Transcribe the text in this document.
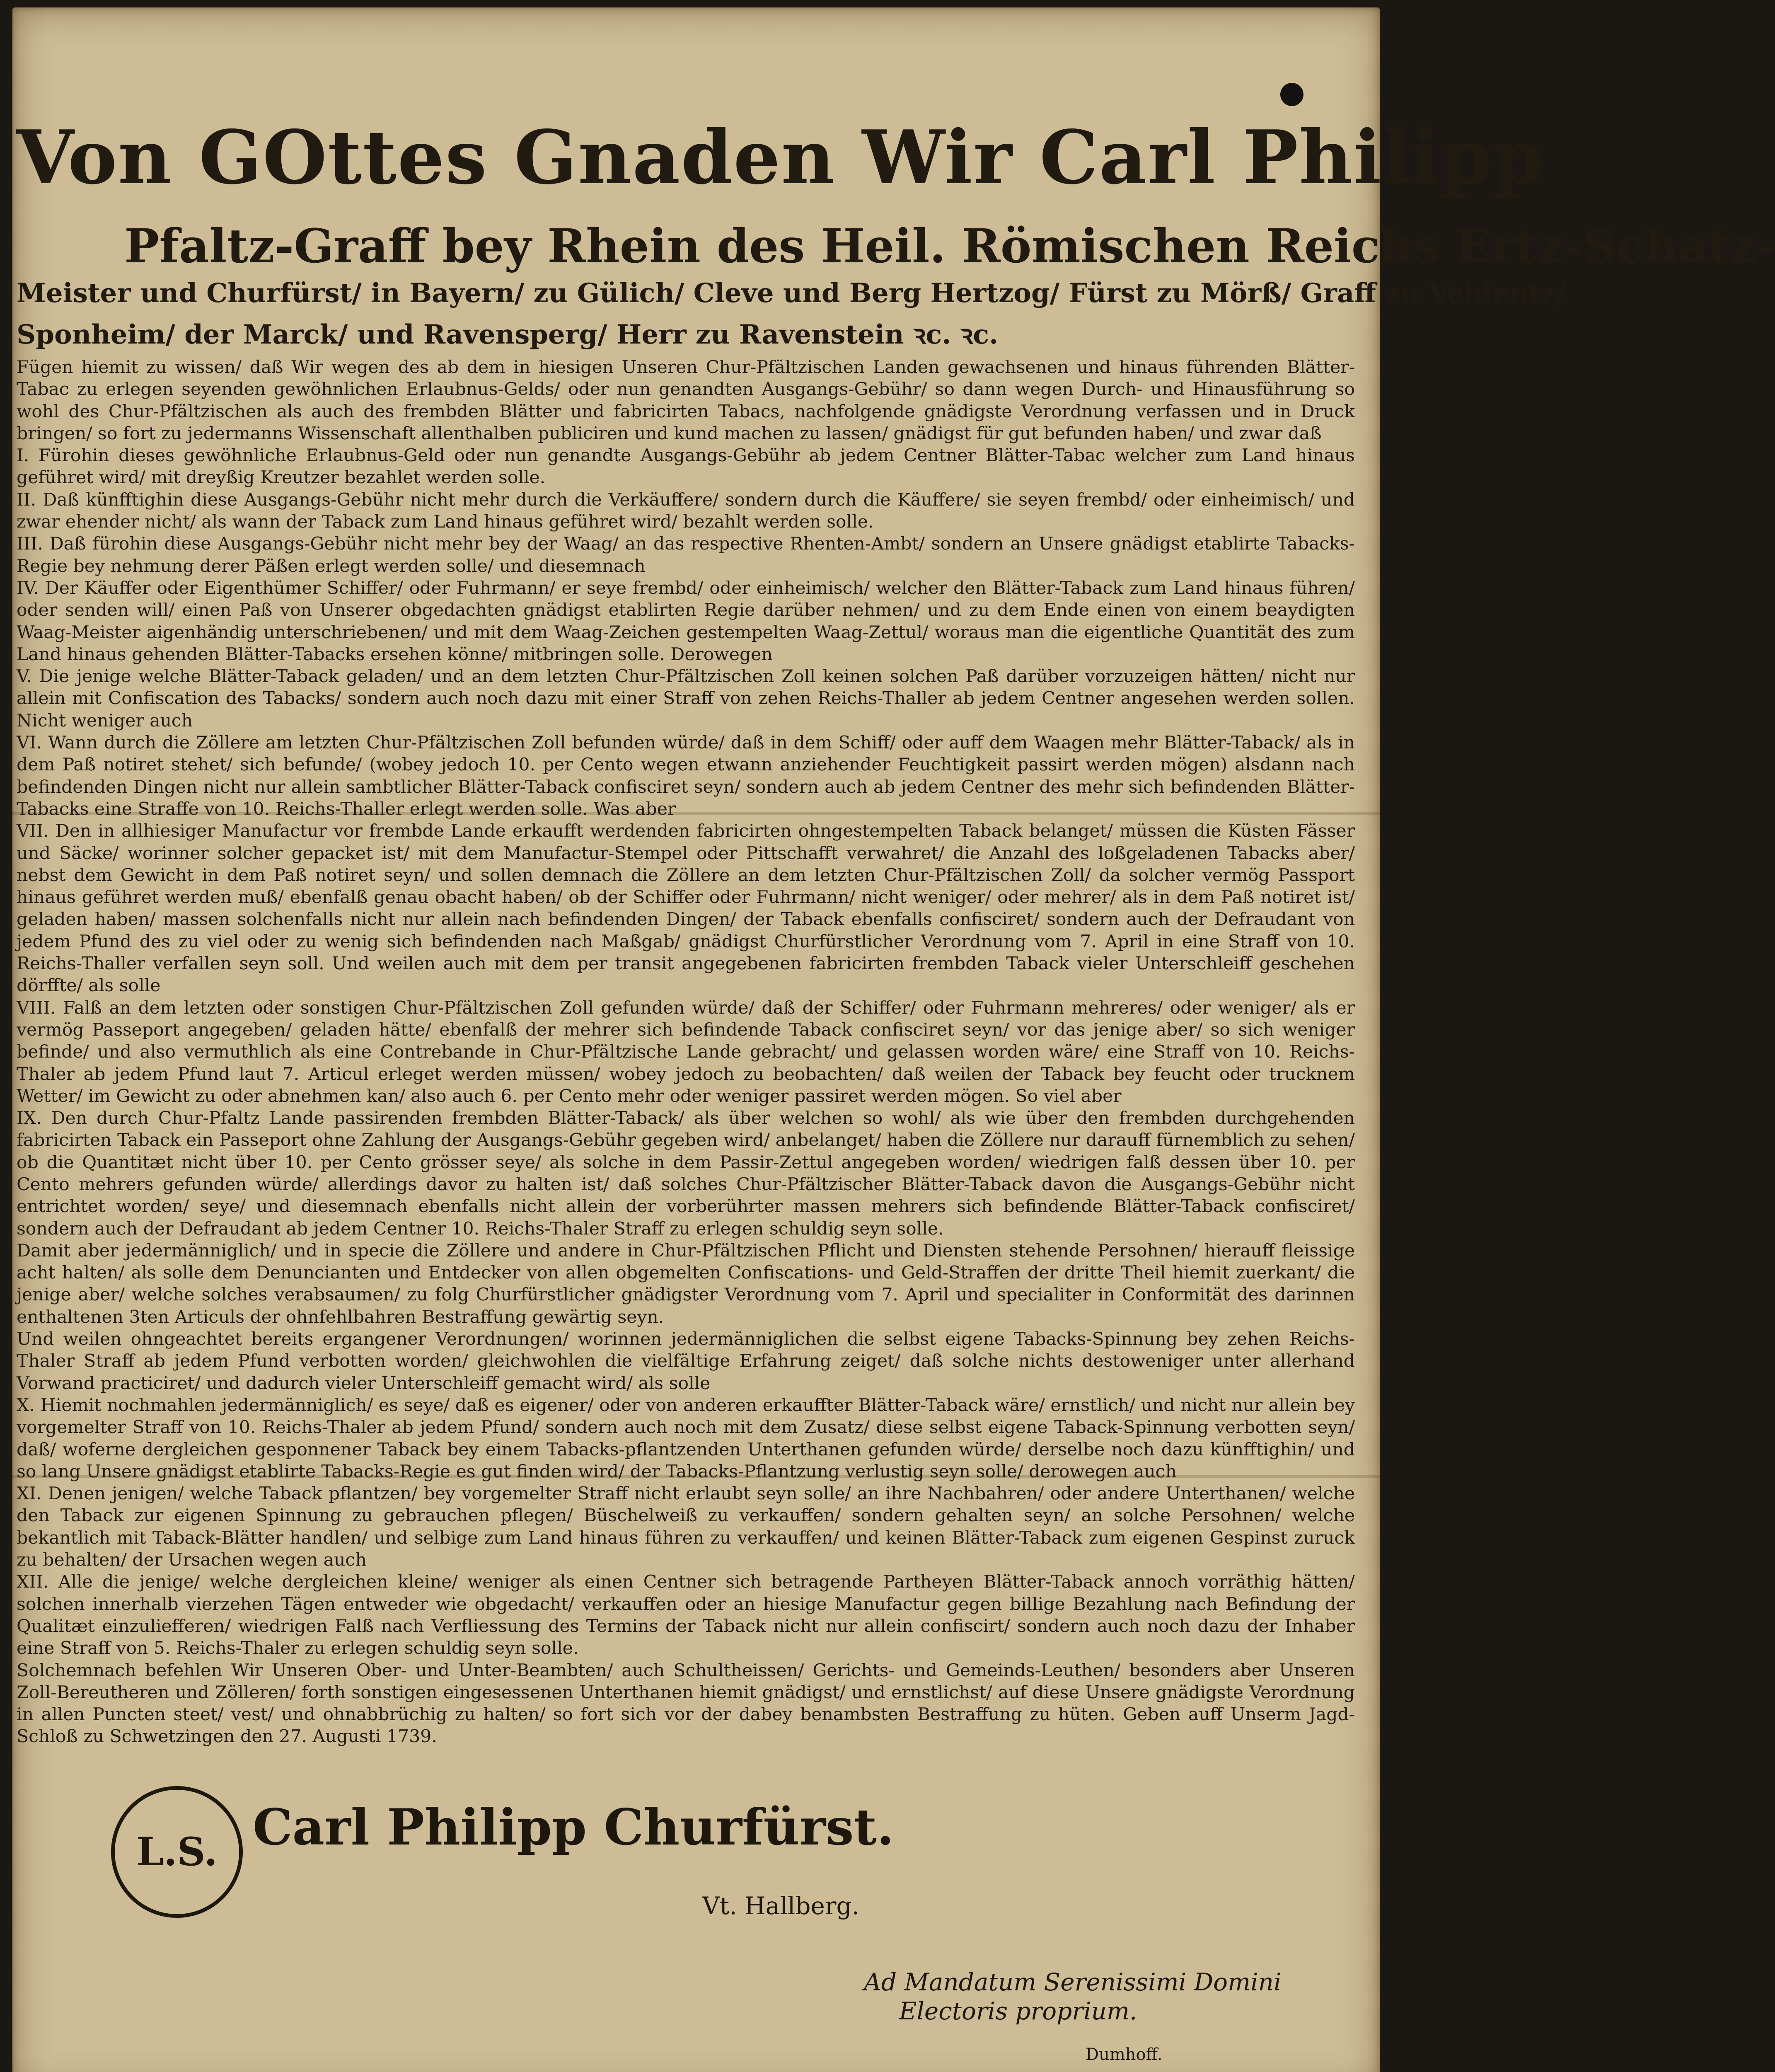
Von GOttes Gnaden Wir Carl Philipp
Pfaltz-Graff bey Rhein des Heil. Römischen Reichs Ertz-Schatz-
Meister und Churfürst/ in Bayern/ zu Gülich/ Cleve und Berg Hertzog/ Fürst zu Mörß/ Graff zu Veldentz/
Sponheim/ der Marck/ und Ravensperg/ Herr zu Ravenstein ꝛc. ꝛc.

Fügen hiemit zu wissen/ daß Wir wegen des ab dem in hiesigen Unseren Chur-Pfältzischen Landen gewachsenen und hinaus führenden Blätter-Tabac zu erlegen seyenden gewöhnlichen Erlaubnus-Gelds/ oder nun genandten Ausgangs-Gebühr/ so dann wegen Durch- und Hinausführung so wohl des Chur-Pfältzischen als auch des frembden Blätter und fabricirten Tabacs, nachfolgende gnädigste Verordnung verfassen und in Druck bringen/ so fort zu jedermanns Wissenschaft allenthalben publiciren und kund machen zu lassen/ gnädigst für gut befunden haben/ und zwar daß

I. Fürohin dieses gewöhnliche Erlaubnus-Geld oder nun genandte Ausgangs-Gebühr ab jedem Centner Blätter-Tabac welcher zum Land hinaus geführet wird/ mit dreyßig Kreutzer bezahlet werden solle.

II. Daß künfftighin diese Ausgangs-Gebühr nicht mehr durch die Verkäuffere/ sondern durch die Käuffere/ sie seyen frembd/ oder einheimisch/ und zwar ehender nicht/ als wann der Taback zum Land hinaus geführet wird/ bezahlt werden solle.

III. Daß fürohin diese Ausgangs-Gebühr nicht mehr bey der Waag/ an das respective Rhenten-Ambt/ sondern an Unsere gnädigst etablirte Tabacks-Regie bey nehmung derer Päßen erlegt werden solle/ und diesemnach

IV. Der Käuffer oder Eigenthümer Schiffer/ oder Fuhrmann/ er seye frembd/ oder einheimisch/ welcher den Blätter-Taback zum Land hinaus führen/ oder senden will/ einen Paß von Unserer obgedachten gnädigst etablirten Regie darüber nehmen/ und zu dem Ende einen von einem beaydigten Waag-Meister aigenhändig unterschriebenen/ und mit dem Waag-Zeichen gestempelten Waag-Zettul/ woraus man die eigentliche Quantität des zum Land hinaus gehenden Blätter-Tabacks ersehen könne/ mitbringen solle. Derowegen

V. Die jenige welche Blätter-Taback geladen/ und an dem letzten Chur-Pfältzischen Zoll keinen solchen Paß darüber vorzuzeigen hätten/ nicht nur allein mit Confiscation des Tabacks/ sondern auch noch dazu mit einer Straff von zehen Reichs-Thaller ab jedem Centner angesehen werden sollen. Nicht weniger auch

VI. Wann durch die Zöllere am letzten Chur-Pfältzischen Zoll befunden würde/ daß in dem Schiff/ oder auff dem Waagen mehr Blätter-Taback/ als in dem Paß notiret stehet/ sich befunde/ (wobey jedoch 10. per Cento wegen etwann anziehender Feuchtigkeit passirt werden mögen) alsdann nach befindenden Dingen nicht nur allein sambtlicher Blätter-Taback confisciret seyn/ sondern auch ab jedem Centner des mehr sich befindenden Blätter-Tabacks eine Straffe von 10. Reichs-Thaller erlegt werden solle. Was aber

VII. Den in allhiesiger Manufactur vor frembde Lande erkaufft werdenden fabricirten ohngestempelten Taback belanget/ müssen die Küsten Fässer und Säcke/ worinner solcher gepacket ist/ mit dem Manufactur-Stempel oder Pittschafft verwahret/ die Anzahl des loßgeladenen Tabacks aber/ nebst dem Gewicht in dem Paß notiret seyn/ und sollen demnach die Zöllere an dem letzten Chur-Pfältzischen Zoll/ da solcher vermög Passport hinaus geführet werden muß/ ebenfalß genau obacht haben/ ob der Schiffer oder Fuhrmann/ nicht weniger/ oder mehrer/ als in dem Paß notiret ist/ geladen haben/ massen solchenfalls nicht nur allein nach befindenden Dingen/ der Taback ebenfalls confisciret/ sondern auch der Defraudant von jedem Pfund des zu viel oder zu wenig sich befindenden nach Maßgab/ gnädigst Churfürstlicher Verordnung vom 7. April in eine Straff von 10. Reichs-Thaller verfallen seyn soll. Und weilen auch mit dem per transit angegebenen fabricirten frembden Taback vieler Unterschleiff geschehen dörffte/ als solle

VIII. Falß an dem letzten oder sonstigen Chur-Pfältzischen Zoll gefunden würde/ daß der Schiffer/ oder Fuhrmann mehreres/ oder weniger/ als er vermög Passeport angegeben/ geladen hätte/ ebenfalß der mehrer sich befindende Taback confisciret seyn/ vor das jenige aber/ so sich weniger befinde/ und also vermuthlich als eine Contrebande in Chur-Pfältzische Lande gebracht/ und gelassen worden wäre/ eine Straff von 10. Reichs-Thaler ab jedem Pfund laut 7. Articul erleget werden müssen/ wobey jedoch zu beobachten/ daß weilen der Taback bey feucht oder trucknem Wetter/ im Gewicht zu oder abnehmen kan/ also auch 6. per Cento mehr oder weniger passiret werden mögen. So viel aber

IX. Den durch Chur-Pfaltz Lande passirenden frembden Blätter-Taback/ als über welchen so wohl/ als wie über den frembden durchgehenden fabricirten Taback ein Passeport ohne Zahlung der Ausgangs-Gebühr gegeben wird/ anbelanget/ haben die Zöllere nur darauff fürnemblich zu sehen/ ob die Quantitæt nicht über 10. per Cento grösser seye/ als solche in dem Passir-Zettul angegeben worden/ wiedrigen falß dessen über 10. per Cento mehrers gefunden würde/ allerdings davor zu halten ist/ daß solches Chur-Pfältzischer Blätter-Taback davon die Ausgangs-Gebühr nicht entrichtet worden/ seye/ und diesemnach ebenfalls nicht allein der vorberührter massen mehrers sich befindende Blätter-Taback confisciret/ sondern auch der Defraudant ab jedem Centner 10. Reichs-Thaler Straff zu erlegen schuldig seyn solle.

Damit aber jedermänniglich/ und in specie die Zöllere und andere in Chur-Pfältzischen Pflicht und Diensten stehende Persohnen/ hierauff fleissige acht halten/ als solle dem Denuncianten und Entdecker von allen obgemelten Confiscations- und Geld-Straffen der dritte Theil hiemit zuerkant/ die jenige aber/ welche solches verabsaumen/ zu folg Churfürstlicher gnädigster Verordnung vom 7. April und specialiter in Conformität des darinnen enthaltenen 3ten Articuls der ohnfehlbahren Bestraffung gewärtig seyn.

Und weilen ohngeachtet bereits ergangener Verordnungen/ worinnen jedermänniglichen die selbst eigene Tabacks-Spinnung bey zehen Reichs-Thaler Straff ab jedem Pfund verbotten worden/ gleichwohlen die vielfältige Erfahrung zeiget/ daß solche nichts destoweniger unter allerhand Vorwand practiciret/ und dadurch vieler Unterschleiff gemacht wird/ als solle

X. Hiemit nochmahlen jedermänniglich/ es seye/ daß es eigener/ oder von anderen erkauffter Blätter-Taback wäre/ ernstlich/ und nicht nur allein bey vorgemelter Straff von 10. Reichs-Thaler ab jedem Pfund/ sondern auch noch mit dem Zusatz/ diese selbst eigene Taback-Spinnung verbotten seyn/ daß/ woferne dergleichen gesponnener Taback bey einem Tabacks-pflantzenden Unterthanen gefunden würde/ derselbe noch dazu künfftighin/ und so lang Unsere gnädigst etablirte Tabacks-Regie es gut finden wird/ der Tabacks-Pflantzung verlustig seyn solle/ derowegen auch

XI. Denen jenigen/ welche Taback pflantzen/ bey vorgemelter Straff nicht erlaubt seyn solle/ an ihre Nachbahren/ oder andere Unterthanen/ welche den Taback zur eigenen Spinnung zu gebrauchen pflegen/ Büschelweiß zu verkauffen/ sondern gehalten seyn/ an solche Persohnen/ welche bekantlich mit Taback-Blätter handlen/ und selbige zum Land hinaus führen zu verkauffen/ und keinen Blätter-Taback zum eigenen Gespinst zuruck zu behalten/ der Ursachen wegen auch

XII. Alle die jenige/ welche dergleichen kleine/ weniger als einen Centner sich betragende Partheyen Blätter-Taback annoch vorräthig hätten/ solchen innerhalb vierzehen Tägen entweder wie obgedacht/ verkauffen oder an hiesige Manufactur gegen billige Bezahlung nach Befindung der Qualitæt einzuliefferen/ wiedrigen Falß nach Verfliessung des Termins der Taback nicht nur allein confiscirt/ sondern auch noch dazu der Inhaber eine Straff von 5. Reichs-Thaler zu erlegen schuldig seyn solle.

Solchemnach befehlen Wir Unseren Ober- und Unter-Beambten/ auch Schultheissen/ Gerichts- und Gemeinds-Leuthen/ besonders aber Unseren Zoll-Bereutheren und Zölleren/ forth sonstigen eingesessenen Unterthanen hiemit gnädigst/ und ernstlichst/ auf diese Unsere gnädigste Verordnung in allen Puncten steet/ vest/ und ohnabbrüchig zu halten/ so fort sich vor der dabey benambsten Bestraffung zu hüten. Geben auff Unserm Jagd-Schloß zu Schwetzingen den 27. Augusti 1739.

L.S. Carl Philipp Churfürst.
Vt. Hallberg.
Ad Mandatum Serenissimi Domini
Electoris proprium.
Dumhoff.
